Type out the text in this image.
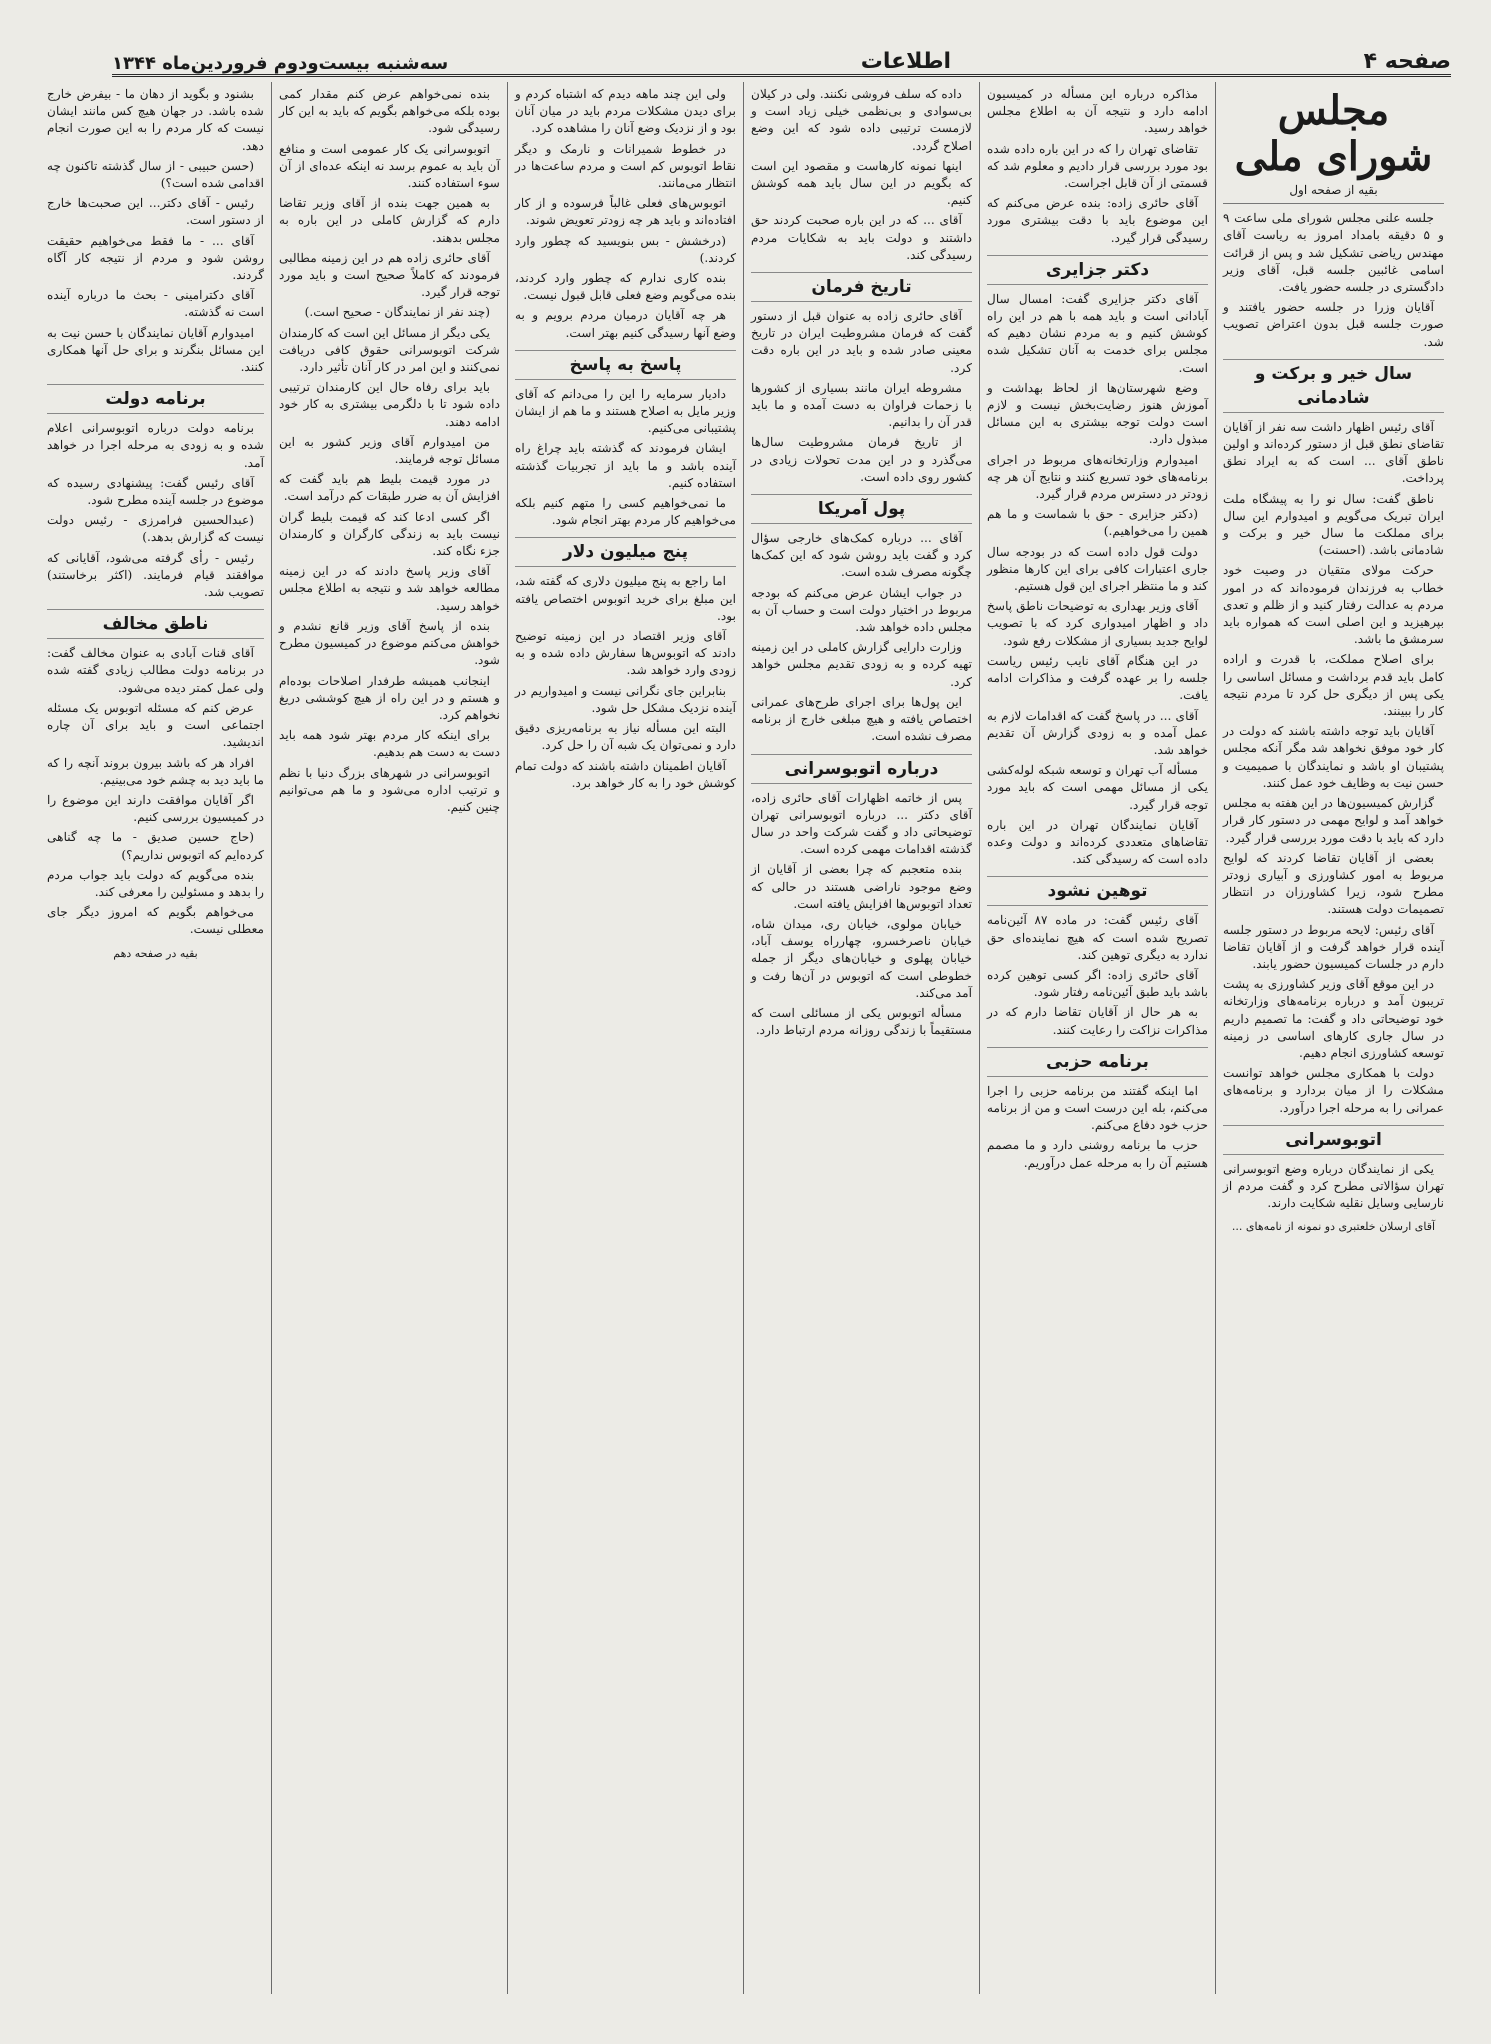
صفحه ۴
اطلاعات
سه‌شنبه بیست‌ودوم فروردین‌ماه ۱۳۴۴
مجلس شورای ملی
بقیه از صفحه اول

جلسه علنی مجلس شورای ملی ساعت ۹ و ۵ دقیقه بامداد امروز به ریاست آقای مهندس ریاضی تشکیل شد و پس از قرائت اسامی غائبین جلسه قبل، آقای وزیر دادگستری در جلسه حضور یافت.

آقایان وزرا در جلسه حضور یافتند و صورت جلسه قبل بدون اعتراض تصویب شد.

سال خیر و برکت و شادمانی

آقای رئیس اظهار داشت سه نفر از آقایان تقاضای نطق قبل از دستور کرده‌اند و اولین ناطق آقای ... است که به ایراد نطق پرداخت.

ناطق گفت: سال نو را به پیشگاه ملت ایران تبریک می‌گویم و امیدوارم این سال برای مملکت ما سال خیر و برکت و شادمانی باشد. (احسنت)

حرکت مولای متقیان در وصیت خود خطاب به فرزندان فرموده‌اند که در امور مردم به عدالت رفتار کنید و از ظلم و تعدی بپرهیزید و این اصلی است که همواره باید سرمشق ما باشد.

برای اصلاح مملکت، با قدرت و اراده کامل باید قدم برداشت و مسائل اساسی را یکی پس از دیگری حل کرد تا مردم نتیجه کار را ببینند.

آقایان باید توجه داشته باشند که دولت در کار خود موفق نخواهد شد مگر آنکه مجلس پشتیبان او باشد و نمایندگان با صمیمیت و حسن نیت به وظایف خود عمل کنند.

گزارش کمیسیون‌ها در این هفته به مجلس خواهد آمد و لوایح مهمی در دستور کار قرار دارد که باید با دقت مورد بررسی قرار گیرد.

بعضی از آقایان تقاضا کردند که لوایح مربوط به امور کشاورزی و آبیاری زودتر مطرح شود، زیرا کشاورزان در انتظار تصمیمات دولت هستند.

آقای رئیس: لایحه مربوط در دستور جلسه آینده قرار خواهد گرفت و از آقایان تقاضا دارم در جلسات کمیسیون حضور یابند.

در این موقع آقای وزیر کشاورزی به پشت تریبون آمد و درباره برنامه‌های وزارتخانه خود توضیحاتی داد و گفت: ما تصمیم داریم در سال جاری کارهای اساسی در زمینه توسعه کشاورزی انجام دهیم.

دولت با همکاری مجلس خواهد توانست مشکلات را از میان بردارد و برنامه‌های عمرانی را به مرحله اجرا درآورد.

اتوبوسرانی

یکی از نمایندگان درباره وضع اتوبوسرانی تهران سؤالاتی مطرح کرد و گفت مردم از نارسایی وسایل نقلیه شکایت دارند.

آقای ارسلان خلعتبری دو نمونه از نامه‌های ...

مذاکره درباره این مسأله در کمیسیون ادامه دارد و نتیجه آن به اطلاع مجلس خواهد رسید.

تقاضای تهران را که در این باره داده شده بود مورد بررسی قرار دادیم و معلوم شد که قسمتی از آن قابل اجراست.

آقای حائری زاده: بنده عرض می‌کنم که این موضوع باید با دقت بیشتری مورد رسیدگی قرار گیرد.

دکتر جزایری

آقای دکتر جزایری گفت: امسال سال آبادانی است و باید همه با هم در این راه کوشش کنیم و به مردم نشان دهیم که مجلس برای خدمت به آنان تشکیل شده است.

وضع شهرستان‌ها از لحاظ بهداشت و آموزش هنوز رضایت‌بخش نیست و لازم است دولت توجه بیشتری به این مسائل مبذول دارد.

امیدوارم وزارتخانه‌های مربوط در اجرای برنامه‌های خود تسریع کنند و نتایج آن هر چه زودتر در دسترس مردم قرار گیرد.

(دکتر جزایری - حق با شماست و ما هم همین را می‌خواهیم.)

دولت قول داده است که در بودجه سال جاری اعتبارات کافی برای این کارها منظور کند و ما منتظر اجرای این قول هستیم.

آقای وزیر بهداری به توضیحات ناطق پاسخ داد و اظهار امیدواری کرد که با تصویب لوایح جدید بسیاری از مشکلات رفع شود.

در این هنگام آقای نایب رئیس ریاست جلسه را بر عهده گرفت و مذاکرات ادامه یافت.

آقای ... در پاسخ گفت که اقدامات لازم به عمل آمده و به زودی گزارش آن تقدیم خواهد شد.

مسأله آب تهران و توسعه شبکه لوله‌کشی یکی از مسائل مهمی است که باید مورد توجه قرار گیرد.

آقایان نمایندگان تهران در این باره تقاضاهای متعددی کرده‌اند و دولت وعده داده است که رسیدگی کند.

توهین نشود

آقای رئیس گفت: در ماده ۸۷ آئین‌نامه تصریح شده است که هیچ نماینده‌ای حق ندارد به دیگری توهین کند.

آقای حائری زاده: اگر کسی توهین کرده باشد باید طبق آئین‌نامه رفتار شود.

به هر حال از آقایان تقاضا دارم که در مذاکرات نزاکت را رعایت کنند.

برنامه حزبی

اما اینکه گفتند من برنامه حزبی را اجرا می‌کنم، بله این درست است و من از برنامه حزب خود دفاع می‌کنم.

حزب ما برنامه روشنی دارد و ما مصمم هستیم آن را به مرحله عمل درآوریم.

داده که سلف فروشی نکنند. ولی در کیلان بی‌سوادی و بی‌نظمی خیلی زیاد است و لازمست ترتیبی داده شود که این وضع اصلاح گردد.

اینها نمونه کارهاست و مقصود این است که بگویم در این سال باید همه کوشش کنیم.

آقای ... که در این باره صحبت کردند حق داشتند و دولت باید به شکایات مردم رسیدگی کند.

تاریخ فرمان

آقای حائری زاده به عنوان قبل از دستور گفت که فرمان مشروطیت ایران در تاریخ معینی صادر شده و باید در این باره دقت کرد.

مشروطه ایران مانند بسیاری از کشورها با زحمات فراوان به دست آمده و ما باید قدر آن را بدانیم.

از تاریخ فرمان مشروطیت سال‌ها می‌گذرد و در این مدت تحولات زیادی در کشور روی داده است.

پول آمریکا

آقای ... درباره کمک‌های خارجی سؤال کرد و گفت باید روشن شود که این کمک‌ها چگونه مصرف شده است.

در جواب ایشان عرض می‌کنم که بودجه مربوط در اختیار دولت است و حساب آن به مجلس داده خواهد شد.

وزارت دارایی گزارش کاملی در این زمینه تهیه کرده و به زودی تقدیم مجلس خواهد کرد.

این پول‌ها برای اجرای طرح‌های عمرانی اختصاص یافته و هیچ مبلغی خارج از برنامه مصرف نشده است.

درباره اتوبوسرانی

پس از خاتمه اظهارات آقای حائری زاده، آقای دکتر ... درباره اتوبوسرانی تهران توضیحاتی داد و گفت شرکت واحد در سال گذشته اقدامات مهمی کرده است.

بنده متعجبم که چرا بعضی از آقایان از وضع موجود ناراضی هستند در حالی که تعداد اتوبوس‌ها افزایش یافته است.

خیابان مولوی، خیابان ری، میدان شاه، خیابان ناصرخسرو، چهارراه یوسف آباد، خیابان پهلوی و خیابان‌های دیگر از جمله خطوطی است که اتوبوس در آن‌ها رفت و آمد می‌کند.

مسأله اتوبوس یکی از مسائلی است که مستقیماً با زندگی روزانه مردم ارتباط دارد.

ولی این چند ماهه دیدم که اشتباه کردم و برای دیدن مشکلات مردم باید در میان آنان بود و از نزدیک وضع آنان را مشاهده کرد.

در خطوط شمیرانات و نارمک و دیگر نقاط اتوبوس کم است و مردم ساعت‌ها در انتظار می‌مانند.

اتوبوس‌های فعلی غالباً فرسوده و از کار افتاده‌اند و باید هر چه زودتر تعویض شوند.

(درخشش - بس بنویسید که چطور وارد کردند.)

بنده کاری ندارم که چطور وارد کردند، بنده می‌گویم وضع فعلی قابل قبول نیست.

هر چه آقایان درمیان مردم برویم و به وضع آنها رسیدگی کنیم بهتر است.

پاسخ به پاسخ

دادیار سرمایه را این را می‌دانم که آقای وزیر مایل به اصلاح هستند و ما هم از ایشان پشتیبانی می‌کنیم.

ایشان فرمودند که گذشته باید چراغ راه آینده باشد و ما باید از تجربیات گذشته استفاده کنیم.

ما نمی‌خواهیم کسی را متهم کنیم بلکه می‌خواهیم کار مردم بهتر انجام شود.

پنج میلیون دلار

اما راجع به پنج میلیون دلاری که گفته شد، این مبلغ برای خرید اتوبوس اختصاص یافته بود.

آقای وزیر اقتصاد در این زمینه توضیح دادند که اتوبوس‌ها سفارش داده شده و به زودی وارد خواهد شد.

بنابراین جای نگرانی نیست و امیدواریم در آینده نزدیک مشکل حل شود.

البته این مسأله نیاز به برنامه‌ریزی دقیق دارد و نمی‌توان یک شبه آن را حل کرد.

آقایان اطمینان داشته باشند که دولت تمام کوشش خود را به کار خواهد برد.

بنده نمی‌خواهم عرض کنم مقدار کمی بوده بلکه می‌خواهم بگویم که باید به این کار رسیدگی شود.

اتوبوسرانی یک کار عمومی است و منافع آن باید به عموم برسد نه اینکه عده‌ای از آن سوء استفاده کنند.

به همین جهت بنده از آقای وزیر تقاضا دارم که گزارش کاملی در این باره به مجلس بدهند.

آقای حائری زاده هم در این زمینه مطالبی فرمودند که کاملاً صحیح است و باید مورد توجه قرار گیرد.

(چند نفر از نمایندگان - صحیح است.)

یکی دیگر از مسائل این است که کارمندان شرکت اتوبوسرانی حقوق کافی دریافت نمی‌کنند و این امر در کار آنان تأثیر دارد.

باید برای رفاه حال این کارمندان ترتیبی داده شود تا با دلگرمی بیشتری به کار خود ادامه دهند.

من امیدوارم آقای وزیر کشور به این مسائل توجه فرمایند.

در مورد قیمت بلیط هم باید گفت که افزایش آن به ضرر طبقات کم درآمد است.

اگر کسی ادعا کند که قیمت بلیط گران نیست باید به زندگی کارگران و کارمندان جزء نگاه کند.

آقای وزیر پاسخ دادند که در این زمینه مطالعه خواهد شد و نتیجه به اطلاع مجلس خواهد رسید.

بنده از پاسخ آقای وزیر قانع نشدم و خواهش می‌کنم موضوع در کمیسیون مطرح شود.

اینجانب همیشه طرفدار اصلاحات بوده‌ام و هستم و در این راه از هیچ کوششی دریغ نخواهم کرد.

برای اینکه کار مردم بهتر شود همه باید دست به دست هم بدهیم.

اتوبوسرانی در شهرهای بزرگ دنیا با نظم و ترتیب اداره می‌شود و ما هم می‌توانیم چنین کنیم.

بشنود و بگوید از دهان ما - بیفرض خارج شده باشد. در جهان هیچ کس مانند ایشان نیست که کار مردم را به این صورت انجام دهد.

(حسن حبیبی - از سال گذشته تاکنون چه اقدامی شده است؟)

رئیس - آقای دکتر... این صحبت‌ها خارج از دستور است.

آقای ... - ما فقط می‌خواهیم حقیقت روشن شود و مردم از نتیجه کار آگاه گردند.

آقای دکترامینی - بحث ما درباره آینده است نه گذشته.

امیدوارم آقایان نمایندگان با حسن نیت به این مسائل بنگرند و برای حل آنها همکاری کنند.

برنامه دولت

برنامه دولت درباره اتوبوسرانی اعلام شده و به زودی به مرحله اجرا در خواهد آمد.

آقای رئیس گفت: پیشنهادی رسیده که موضوع در جلسه آینده مطرح شود.

(عبدالحسین فرامرزی - رئیس دولت نیست که گزارش بدهد.)

رئیس - رأی گرفته می‌شود، آقایانی که موافقند قیام فرمایند. (اکثر برخاستند) تصویب شد.

ناطق مخالف

آقای قنات آبادی به عنوان مخالف گفت: در برنامه دولت مطالب زیادی گفته شده ولی عمل کمتر دیده می‌شود.

عرض کنم که مسئله اتوبوس یک مسئله اجتماعی است و باید برای آن چاره اندیشید.

افراد هر که باشد بیرون بروند آنچه را که ما باید دید به چشم خود می‌بینیم.

اگر آقایان موافقت دارند این موضوع را در کمیسیون بررسی کنیم.

(حاج حسین صدیق - ما چه گناهی کرده‌ایم که اتوبوس نداریم؟)

بنده می‌گویم که دولت باید جواب مردم را بدهد و مسئولین را معرفی کند.

می‌خواهم بگویم که امروز دیگر جای معطلی نیست.

بقیه در صفحه دهم
